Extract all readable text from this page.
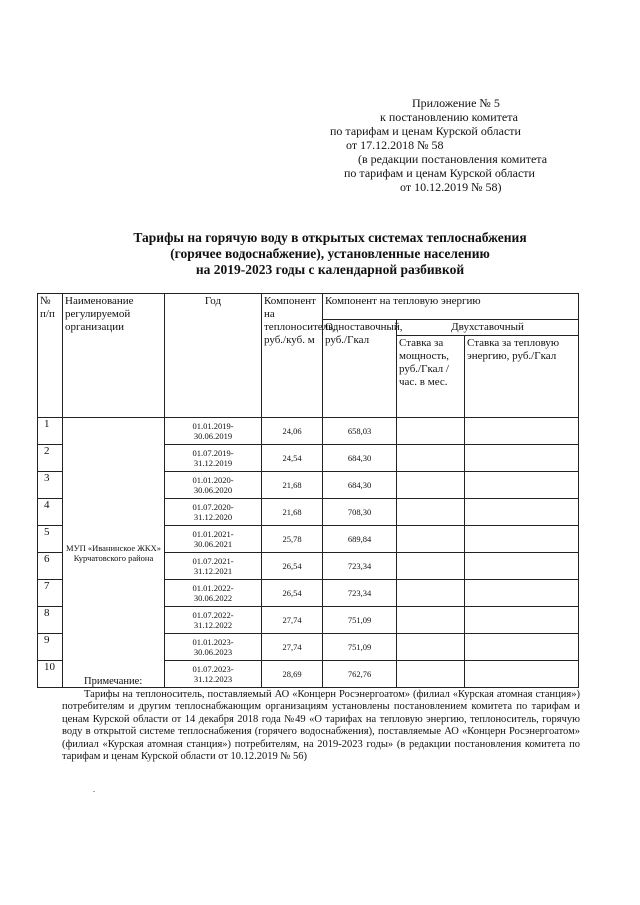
Приложение № 5
к постановлению комитета
по тарифам и ценам Курской области
от 17.12.2018 № 58
(в редакции постановления комитета
по тарифам и ценам Курской области
от 10.12.2019 № 58)
Тарифы на горячую воду в открытых системах теплоснабжения
(горячее водоснабжение), установленные населению
на 2019-2023 годы с календарной разбивкой
№ п/п	Наименование регулируемой организации	Год	Компонент на теплоноситель, руб./куб. м	Компонент на тепловую энергию		
				Одноставочный, руб./Гкал	Двухставочный	
					Ставка за мощность, руб./Гкал /час. в мес.	Ставка за тепловую энергию, руб./Гкал
1	МУП «Иванинское ЖКХ» Курчатовского района	01.01.2019-
30.06.2019	24,06	658,03		
2		01.07.2019-
31.12.2019	24,54	684,30		
3		01.01.2020-
30.06.2020	21,68	684,30		
4		01.07.2020-
31.12.2020	21,68	708,30		
5		01.01.2021-
30.06.2021	25,78	689,84		
6		01.07.2021-
31.12.2021	26,54	723,34		
7		01.01.2022-
30.06.2022	26,54	723,34		
8		01.07.2022-
31.12.2022	27,74	751,09		
9		01.01.2023-
30.06.2023	27,74	751,09		
10		01.07.2023-
31.12.2023	28,69	762,76		
Примечание:
Тарифы на теплоноситель, поставляемый АО «Концерн Росэнергоатом» (филиал «Курская атомная станция») потребителям и другим теплоснабжающим организациям установлены постановлением комитета по тарифам и ценам Курской области от 14 декабря 2018 года №49 «О тарифах на тепловую энергию, теплоноситель, горячую воду в открытой системе теплоснабжения (горячего водоснабжения), поставляемые АО «Концерн Росэнергоатом» (филиал «Курская атомная станция») потребителям, на 2019-2023 годы» (в редакции постановления комитета по тарифам и ценам Курской области от 10.12.2019 № 56)
.
